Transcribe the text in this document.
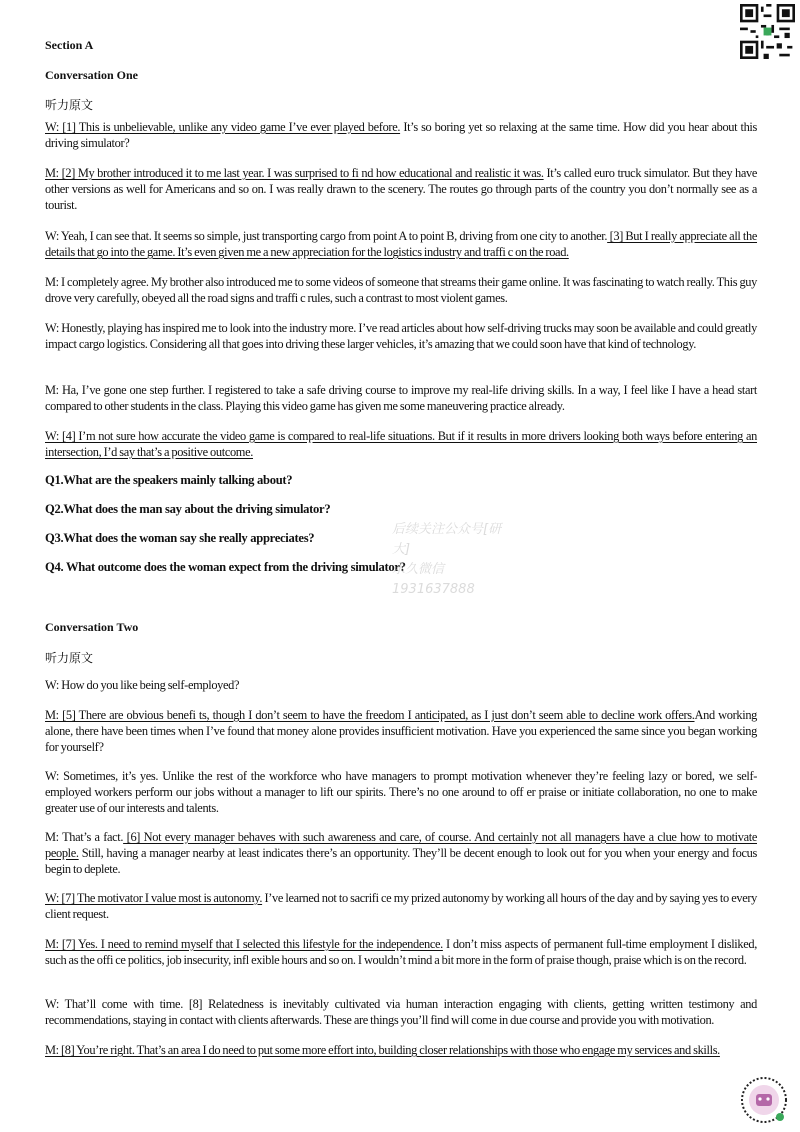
Section A
Conversation One
听力原文

W: [1] This is unbelievable, unlike any video game I’ve ever played before. It’s so boring yet so relaxing at the same time. How did you hear about this driving simulator?

M: [2] My brother introduced it to me last year. I was surprised to fi nd how educational and realistic it was. It’s called euro truck simulator. But they have other versions as well for Americans and so on. I was really drawn to the scenery. The routes go through parts of the country you don’t normally see as a tourist.

W: Yeah, I can see that. It seems so simple, just transporting cargo from point A to point B, driving from one city to another. [3] But I really appreciate all the details that go into the game. It’s even given me a new appreciation for the logistics industry and traffi c on the road.

M: I completely agree. My brother also introduced me to some videos of someone that streams their game online. It was fascinating to watch really. This guy drove very carefully, obeyed all the road signs and traffi c rules, such a contrast to most violent games.

W: Honestly, playing has inspired me to look into the industry more. I’ve read articles about how self-driving trucks may soon be available and could greatly impact cargo logistics. Considering all that goes into driving these larger vehicles, it’s amazing that we could soon have that kind of technology.

M: Ha, I’ve gone one step further. I registered to take a safe driving course to improve my real-life driving skills. In a way, I feel like I have a head start compared to other students in the class. Playing this video game has given me some maneuvering practice already.

W: [4] I’m not sure how accurate the video game is compared to real-life situations. But if it results in more drivers looking both ways before entering an intersection, I’d say that’s a positive outcome.

Q1.What are the speakers mainly talking about?
Q2.What does the man say about the driving simulator?
Q3.What does the woman say she really appreciates?
Q4. What outcome does the woman expect from the driving simulator?
Conversation Two
听力原文

W: How do you like being self-employed?

M: [5] There are obvious benefi ts, though I don’t seem to have the freedom I anticipated, as I just don’t seem able to decline work offers.And working alone, there have been times when I’ve found that money alone provides insufficient motivation. Have you experienced the same since you began working for yourself?

W: Sometimes, it’s yes. Unlike the rest of the workforce who have managers to prompt motivation whenever they’re feeling lazy or bored, we self-employed workers perform our jobs without a manager to lift our spirits. There’s no one around to off er praise or initiate collaboration, no one to make greater use of our interests and talents.

M: That’s a fact. [6] Not every manager behaves with such awareness and care, of course. And certainly not all managers have a clue how to motivate people. Still, having a manager nearby at least indicates there’s an opportunity. They’ll be decent enough to look out for you when your energy and focus begin to deplete.

W: [7] The motivator I value most is autonomy. I’ve learned not to sacrifi ce my prized autonomy by working all hours of the day and by saying yes to every client request.

M: [7] Yes. I need to remind myself that I selected this lifestyle for the independence. I don’t miss aspects of permanent full-time employment I disliked, such as the offi ce politics, job insecurity, infl exible hours and so on. I wouldn’t mind a bit more in the form of praise though, praise which is on the record.

W: That’ll come with time. [8] Relatedness is inevitably cultivated via human interaction engaging with clients, getting written testimony and recommendations, staying in contact with clients afterwards. These are things you’ll find will come in due course and provide you with motivation.

M: [8] You’re right. That’s an area I do need to put some more effort into, building closer relationships with those who engage my services and skills.

后续关注公众号[研大]
永久微信1931637888
